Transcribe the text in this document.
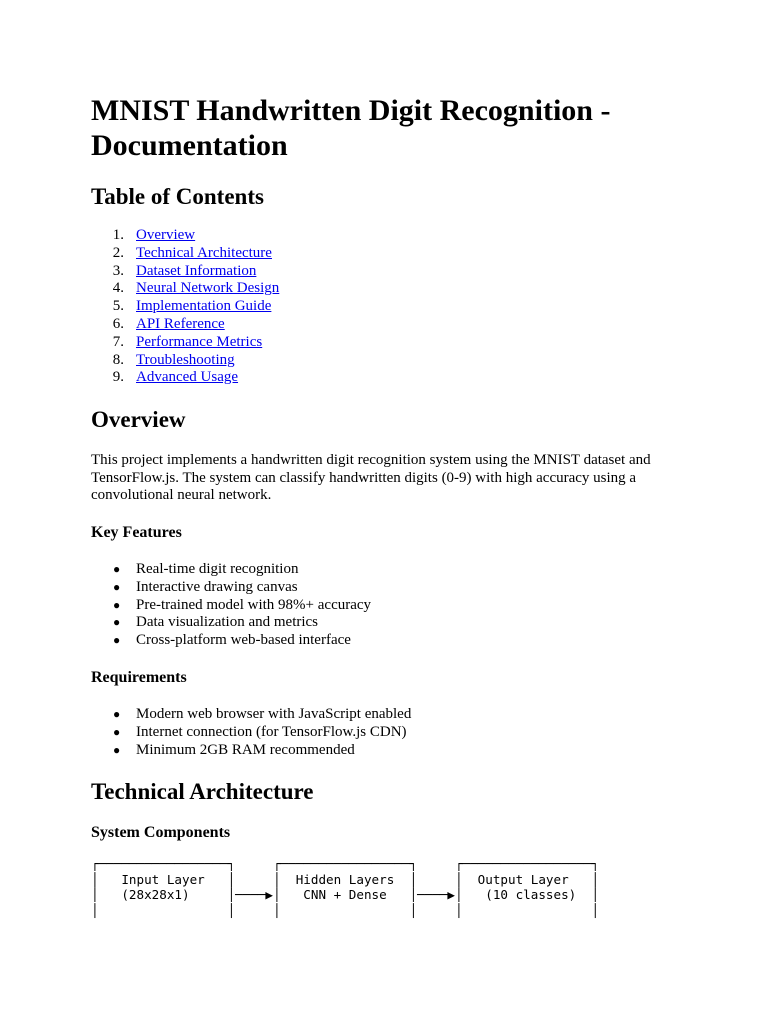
MNIST Handwritten Digit Recognition - Documentation
Table of Contents
1. Overview
2. Technical Architecture
3. Dataset Information
4. Neural Network Design
5. Implementation Guide
6. API Reference
7. Performance Metrics
8. Troubleshooting
9. Advanced Usage
Overview

This project implements a handwritten digit recognition system using the MNIST dataset and TensorFlow.js. The system can classify handwritten digits (0-9) with high accuracy using a convolutional neural network.

Key Features
● Real-time digit recognition
● Interactive drawing canvas
● Pre-trained model with 98%+ accuracy
● Data visualization and metrics
● Cross-platform web-based interface
Requirements
● Modern web browser with JavaScript enabled
● Internet connection (for TensorFlow.js CDN)
● Minimum 2GB RAM recommended
Technical Architecture
System Components
┌─────────────────┐     ┌─────────────────┐     ┌─────────────────┐
│   Input Layer   │     │  Hidden Layers  │     │  Output Layer   │
│   (28x28x1)     │────▶│   CNN + Dense   │────▶│   (10 classes)  │
│                 │     │                 │     │                 │
